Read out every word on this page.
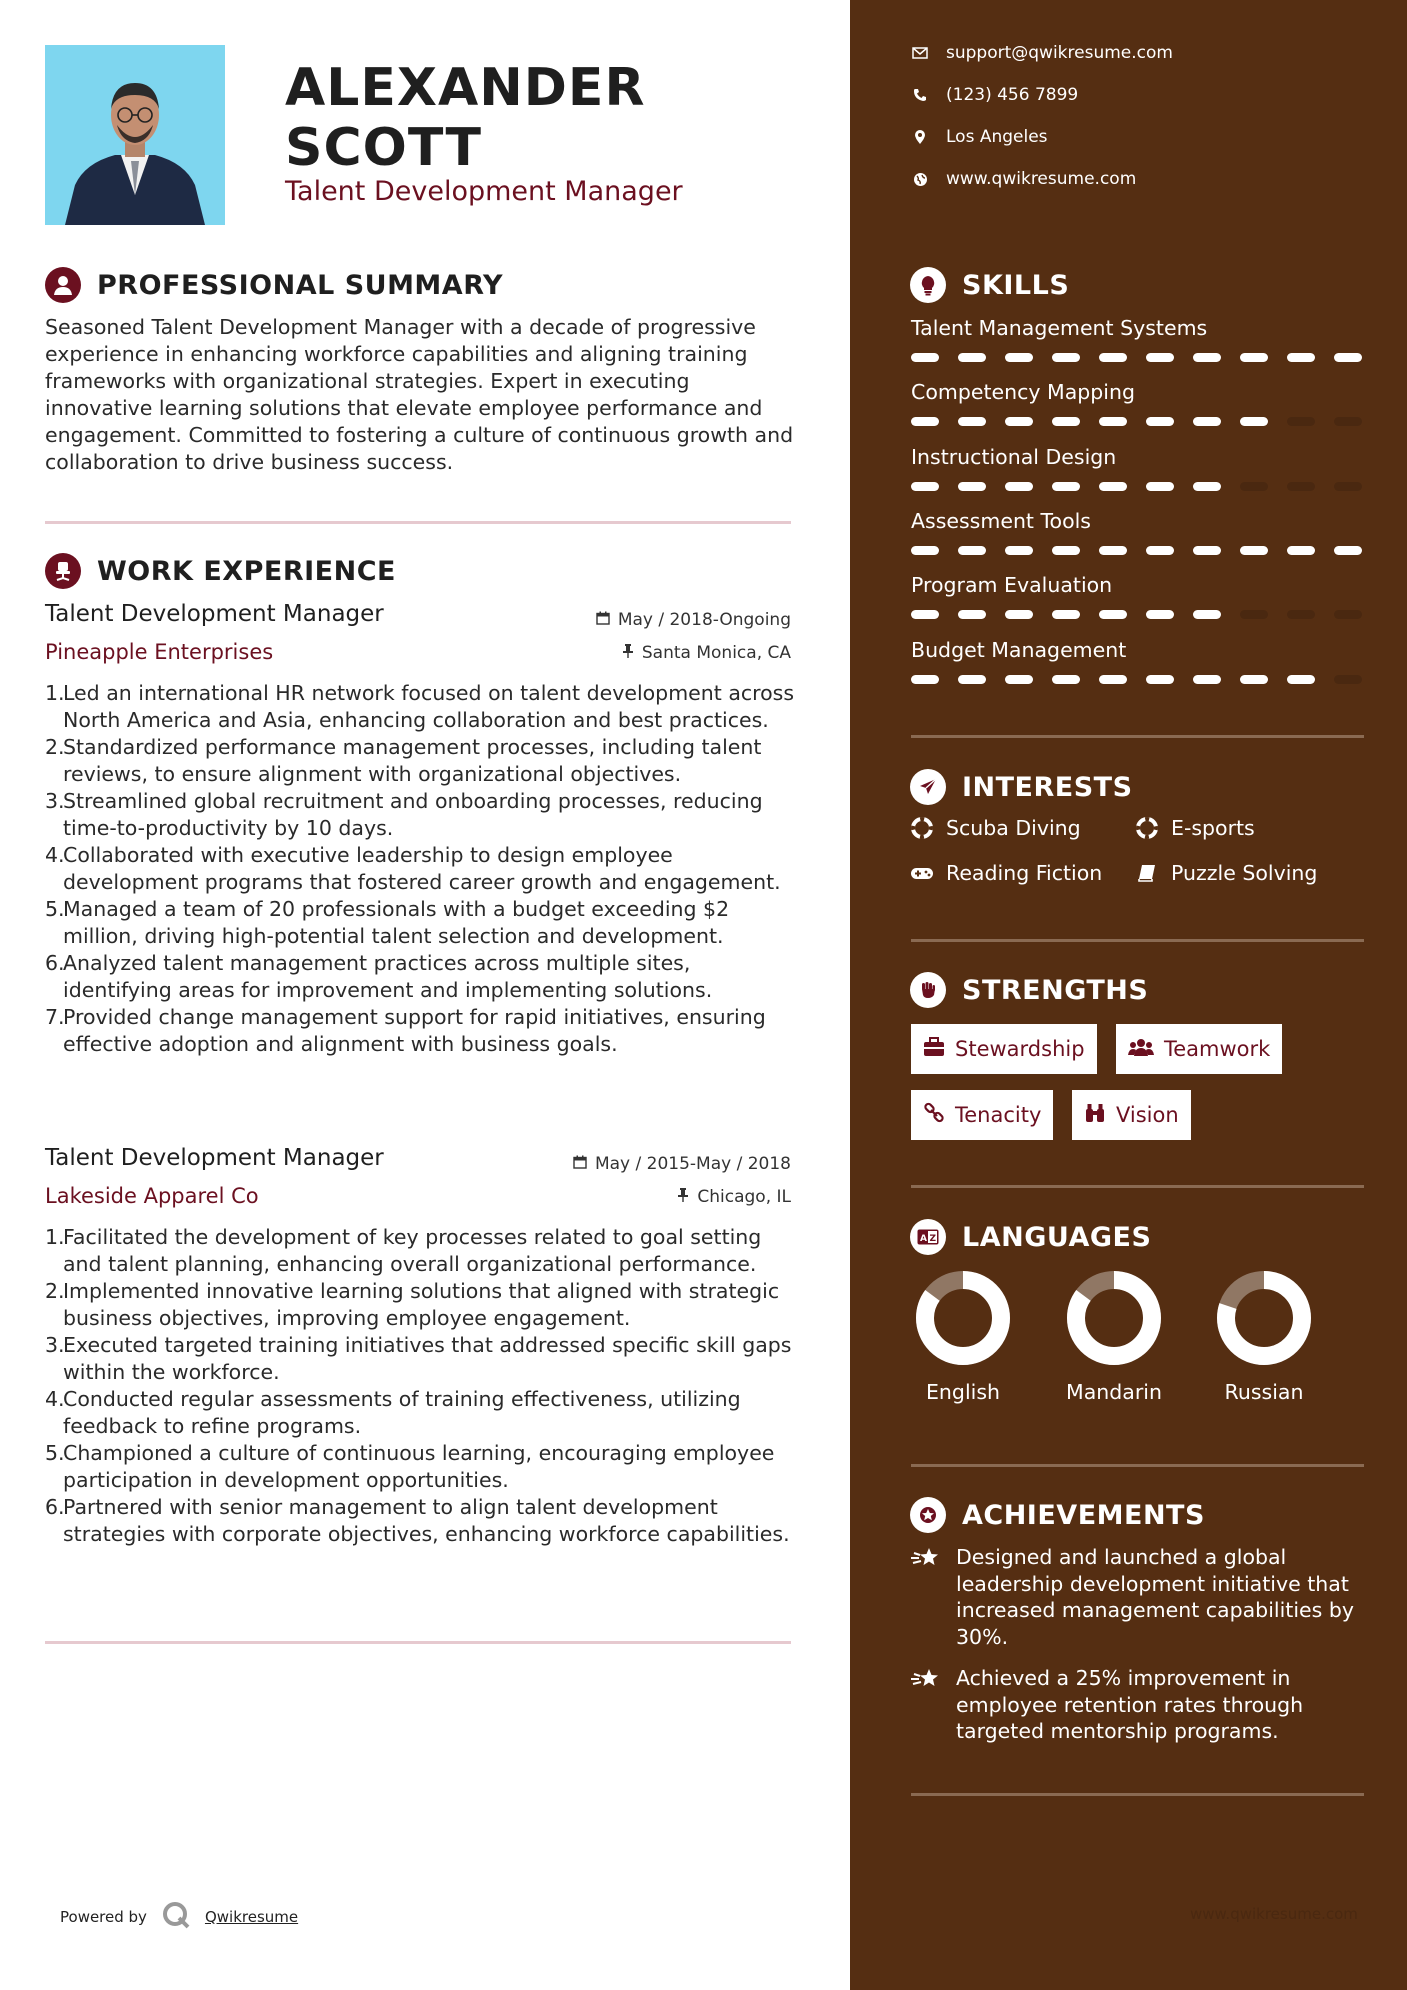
ALEXANDER
SCOTT
Talent Development Manager
PROFESSIONAL SUMMARY
Seasoned Talent Development Manager with a decade of progressive experience in enhancing workforce capabilities and aligning training frameworks with organizational strategies. Expert in executing innovative learning solutions that elevate employee performance and engagement. Committed to fostering a culture of continuous growth and collaboration to drive business success.
WORK EXPERIENCE
Talent Development Manager	May / 2018-Ongoing
Pineapple Enterprises	Santa Monica, CA
1.
Led an international HR network focused on talent development across North America and Asia, enhancing collaboration and best practices.
2.
Standardized performance management processes, including talent reviews, to ensure alignment with organizational objectives.
3.
Streamlined global recruitment and onboarding processes, reducing time-to-productivity by 10 days.
4.
Collaborated with executive leadership to design employee development programs that fostered career growth and engagement.
5.
Managed a team of 20 professionals with a budget exceeding $2 million, driving high-potential talent selection and development.
6.
Analyzed talent management practices across multiple sites, identifying areas for improvement and implementing solutions.
7.
Provided change management support for rapid initiatives, ensuring effective adoption and alignment with business goals.
Talent Development Manager	May / 2015-May / 2018
Lakeside Apparel Co	Chicago, IL
1.
Facilitated the development of key processes related to goal setting and talent planning, enhancing overall organizational performance.
2.
Implemented innovative learning solutions that aligned with strategic business objectives, improving employee engagement.
3.
Executed targeted training initiatives that addressed specific skill gaps within the workforce.
4.
Conducted regular assessments of training effectiveness, utilizing feedback to refine programs.
5.
Championed a culture of continuous learning, encouraging employee participation in development opportunities.
6.
Partnered with senior management to align talent development strategies with corporate objectives, enhancing workforce capabilities.
Powered by	Qwikresume
support@qwikresume.com
(123) 456 7899
Los Angeles
www.qwikresume.com
SKILLS
Talent Management Systems
Competency Mapping
Instructional Design
Assessment Tools
Program Evaluation
Budget Management
INTERESTS
Scuba Diving	E-sports
Reading Fiction	Puzzle Solving
STRENGTHS
Stewardship	Teamwork
Tenacity	Vision
A Z LANGUAGES
English	Mandarin	Russian
ACHIEVEMENTS
Designed and launched a global leadership development initiative that increased management capabilities by 30%.
Achieved a 25% improvement in employee retention rates through targeted mentorship programs.
www.qwikresume.com
